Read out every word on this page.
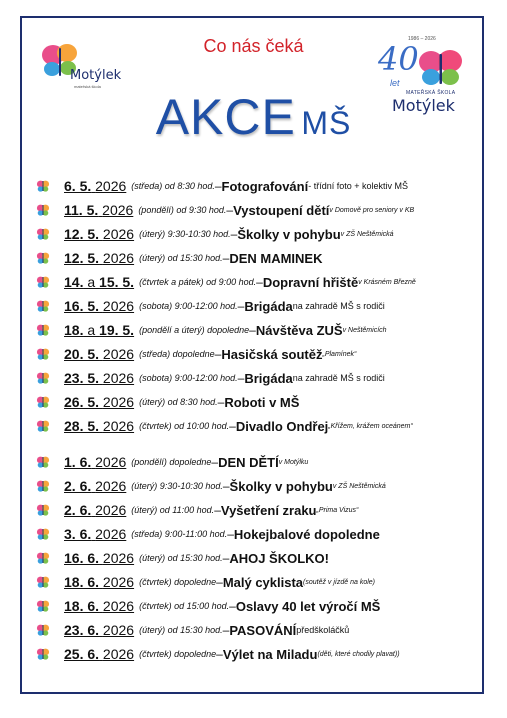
Motýlek
mateřská škola
Co nás čeká	1986 – 2026
40
let
MATEŘSKÁ ŠKOLA
Motýlek
AKCE MŠ
6. 5. 2026 (středa) od 8:30 hod. – Fotografování - třídní foto + kolektiv MŠ
11. 5. 2026 (pondělí) od 9:30 hod. – Vystoupení dětí v Domově pro seniory v KB
12. 5. 2026 (úterý) 9:30-10:30 hod. – Školky v pohybu v ZŠ Neštěmická
12. 5. 2026 (úterý) od 15:30 hod. – DEN MAMINEK
14. a 15. 5. (čtvrtek a pátek) od 9:00 hod. – Dopravní hřiště v Krásném Březně
16. 5. 2026 (sobota) 9:00-12:00 hod. – Brigáda na zahradě MŠ s rodiči
18. a 19. 5. (pondělí a úterý) dopoledne – Návštěva ZUŠ v Neštěmicích
20. 5. 2026 (středa) dopoledne – Hasičská soutěž „Plamínek“
23. 5. 2026 (sobota) 9:00-12:00 hod. – Brigáda na zahradě MŠ s rodiči
26. 5. 2026 (úterý) od 8:30 hod. – Roboti v MŠ
28. 5. 2026 (čtvrtek) od 10:00 hod. – Divadlo Ondřej „Křížem, krážem oceánem“
1. 6. 2026 (pondělí) dopoledne – DEN DĚTÍ v Motýlku
2. 6. 2026 (úterý) 9:30-10:30 hod. – Školky v pohybu v ZŠ Neštěmická
2. 6. 2026 (úterý) od 11:00 hod. – Vyšetření zraku „Prima Vizus“
3. 6. 2026 (středa) 9:00-11:00 hod. – Hokejbalové dopoledne
16. 6. 2026 (úterý) od 15:30 hod. – AHOJ ŠKOLKO!
18. 6. 2026 (čtvrtek) dopoledne – Malý cyklista (soutěž v jízdě na kole)
18. 6. 2026 (čtvrtek) od 15:00 hod. – Oslavy 40 let výročí MŠ
23. 6. 2026 (úterý) od 15:30 hod. – PASOVÁNÍ předškoláčků
25. 6. 2026 (čtvrtek) dopoledne – Výlet na Miladu (děti, které chodily plavat))
